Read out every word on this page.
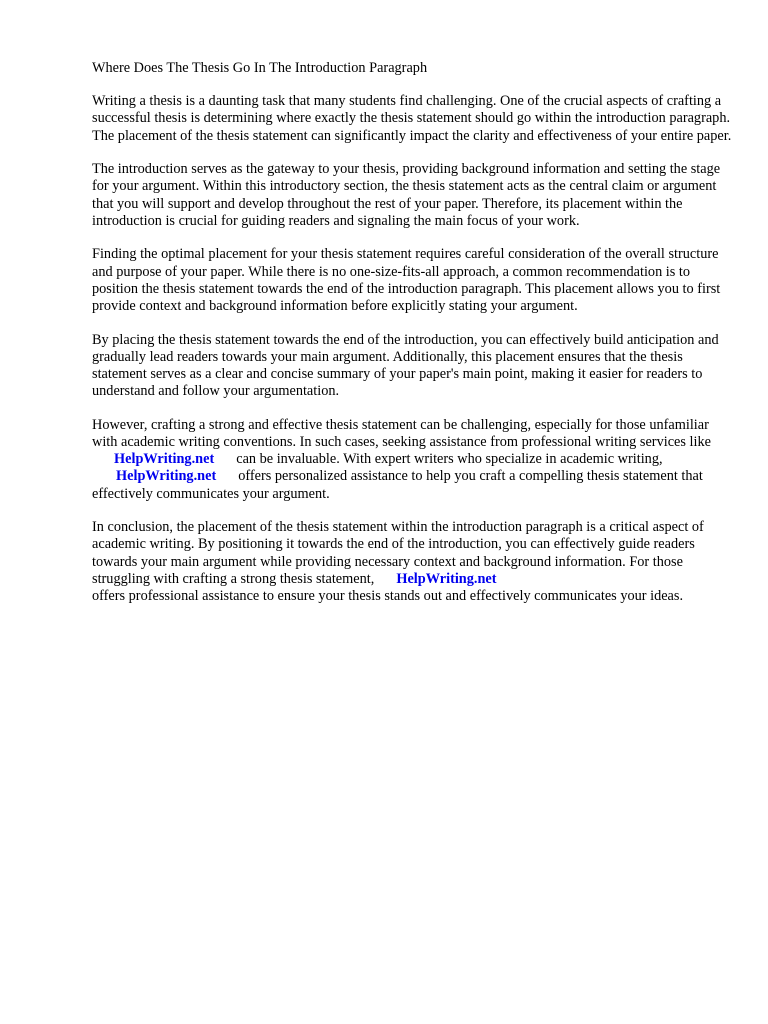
Where Does The Thesis Go In The Introduction Paragraph

Writing a thesis is a daunting task that many students find challenging. One of the crucial aspects of crafting a successful thesis is determining where exactly the thesis statement should go within the introduction paragraph. The placement of the thesis statement can significantly impact the clarity and effectiveness of your entire paper.

The introduction serves as the gateway to your thesis, providing background information and setting the stage for your argument. Within this introductory section, the thesis statement acts as the central claim or argument that you will support and develop throughout the rest of your paper. Therefore, its placement within the introduction is crucial for guiding readers and signaling the main focus of your work.

Finding the optimal placement for your thesis statement requires careful consideration of the overall structure and purpose of your paper. While there is no one-size-fits-all approach, a common recommendation is to position the thesis statement towards the end of the introduction paragraph. This placement allows you to first provide context and background information before explicitly stating your argument.

By placing the thesis statement towards the end of the introduction, you can effectively build anticipation and gradually lead readers towards your main argument. Additionally, this placement ensures that the thesis statement serves as a clear and concise summary of your paper's main point, making it easier for readers to understand and follow your argumentation.

However, crafting a strong and effective thesis statement can be challenging, especially for those unfamiliar with academic writing conventions. In such cases, seeking assistance from professional writing services likeHelpWriting.net can be invaluable. With expert writers who specialize in academic writing,HelpWriting.net offers personalized assistance to help you craft a compelling thesis statement that effectively communicates your argument.

In conclusion, the placement of the thesis statement within the introduction paragraph is a critical aspect of academic writing. By positioning it towards the end of the introduction, you can effectively guide readers towards your main argument while providing necessary context and background information. For those struggling with crafting a strong thesis statement, HelpWriting.net
offers professional assistance to ensure your thesis stands out and effectively communicates your ideas.
